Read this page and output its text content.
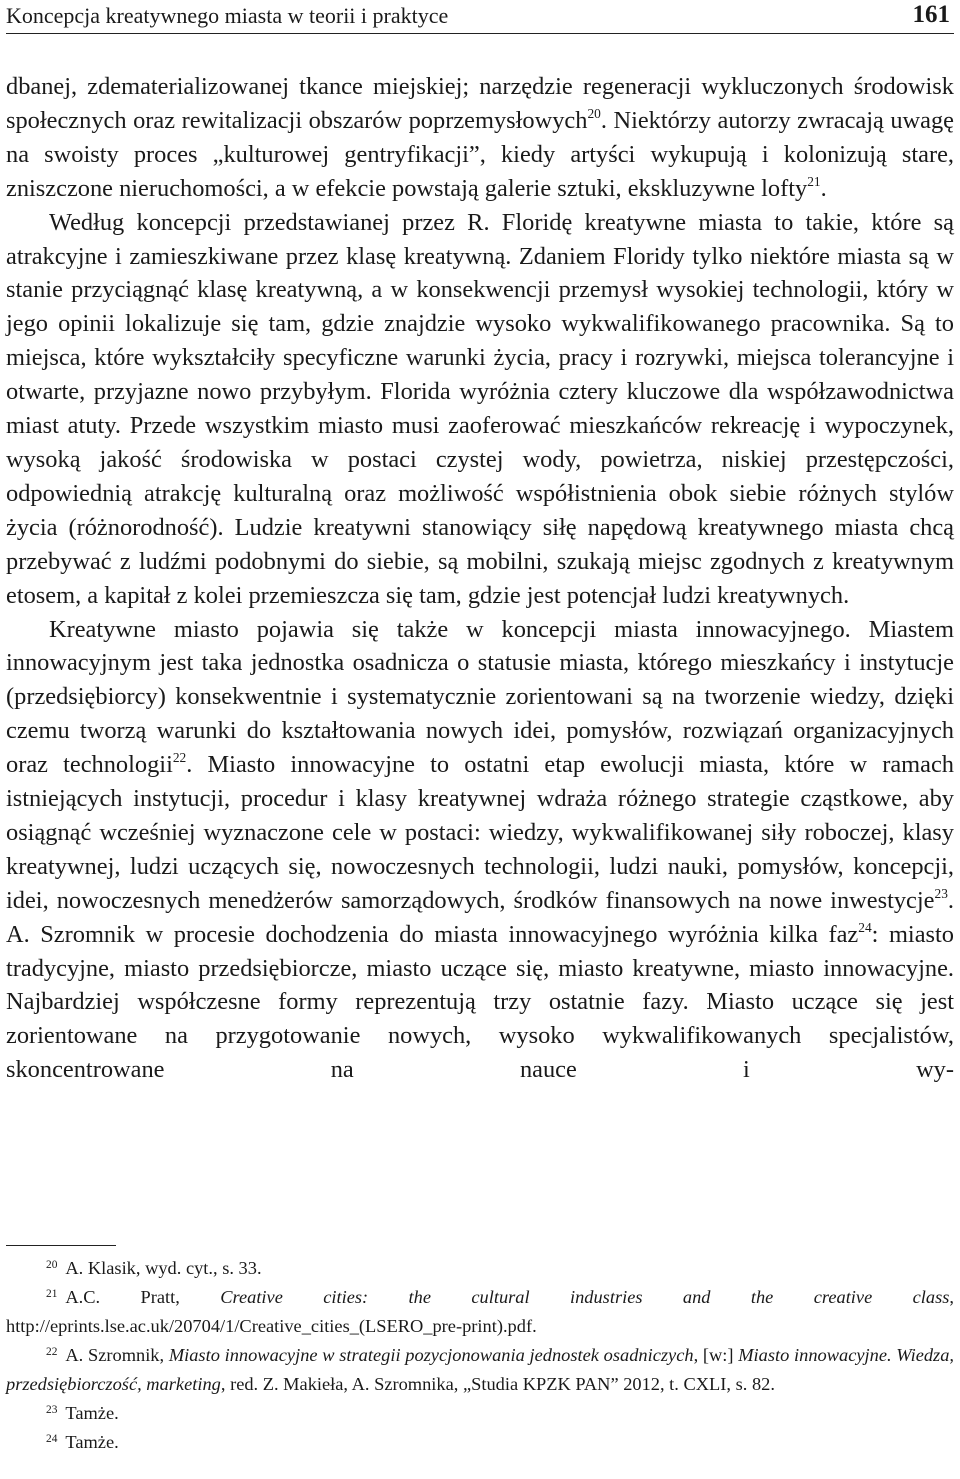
Koncepcja kreatywnego miasta w teorii i praktyce	161

dbanej, zdematerializowanej tkance miejskiej; narzędzie regeneracji wykluczonych środowisk społecznych oraz rewitalizacji obszarów poprzemysłowych$^{20}$. Niektórzy autorzy zwracają uwagę na swoisty proces „kulturowej gentryfikacji”, kiedy artyści wykupują i kolonizują stare, zniszczone nieruchomości, a w efekcie powstają galerie sztuki, ekskluzywne lofty$^{21}$.

Według koncepcji przedstawianej przez R. Floridę kreatywne miasta to takie, które są atrakcyjne i zamieszkiwane przez klasę kreatywną. Zdaniem Floridy tylko niektóre miasta są w stanie przyciągnąć klasę kreatywną, a w konsekwencji przemysł wysokiej technologii, który w jego opinii lokalizuje się tam, gdzie znajdzie wysoko wykwalifikowanego pracownika. Są to miejsca, które wykształciły specyficzne warunki życia, pracy i rozrywki, miejsca tolerancyjne i otwarte, przyjazne nowo przybyłym. Florida wyróżnia cztery kluczowe dla współzawodnictwa miast atuty. Przede wszystkim miasto musi zaoferować mieszkańców rekreację i wypoczynek, wysoką jakość środowiska w postaci czystej wody, powietrza, niskiej przestępczości, odpowiednią atrakcję kulturalną oraz możliwość współistnienia obok siebie różnych stylów życia (różnorodność). Ludzie kreatywni stanowiący siłę napędową kreatywnego miasta chcą przebywać z ludźmi podobnymi do siebie, są mobilni, szukają miejsc zgodnych z kreatywnym etosem, a kapitał z kolei przemieszcza się tam, gdzie jest potencjał ludzi kreatywnych.

Kreatywne miasto pojawia się także w koncepcji miasta innowacyjnego. Miastem innowacyjnym jest taka jednostka osadnicza o statusie miasta, którego mieszkańcy i instytucje (przedsiębiorcy) konsekwentnie i systematycznie zorientowani są na tworzenie wiedzy, dzięki czemu tworzą warunki do kształtowania nowych idei, pomysłów, rozwiązań organizacyjnych oraz technologii$^{22}$. Miasto innowacyjne to ostatni etap ewolucji miasta, które w ramach istniejących instytucji, procedur i klasy kreatywnej wdraża różnego strategie cząstkowe, aby osiągnąć wcześniej wyznaczone cele w postaci: wiedzy, wykwalifikowanej siły roboczej, klasy kreatywnej, ludzi uczących się, nowoczesnych technologii, ludzi nauki, pomysłów, koncepcji, idei, nowoczesnych menedżerów samorządowych, środków finansowych na nowe inwestycje$^{23}$. A. Szromnik w procesie dochodzenia do miasta innowacyjnego wyróżnia kilka faz$^{24}$: miasto tradycyjne, miasto przedsiębiorcze, miasto uczące się, miasto kreatywne, miasto innowacyjne. Najbardziej współczesne formy reprezentują trzy ostatnie fazy. Miasto uczące się jest zorientowane na przygotowanie nowych, wysoko wykwalifikowanych specjalistów, skoncentrowane na nauce i wy-

$^{20}$ A. Klasik, wyd. cyt., s. 33.

$^{21}$ A.C. Pratt, Creative cities: the cultural industries and the creative class, http://eprints.lse.ac.uk/20704/1/Creative_cities_(LSERO_pre-print).pdf.

$^{22}$ A. Szromnik, Miasto innowacyjne w strategii pozycjonowania jednostek osadniczych, [w:] Miasto innowacyjne. Wiedza, przedsiębiorczość, marketing, red. Z. Makieła, A. Szromnika, „Studia KPZK PAN” 2012, t. CXLI, s. 82.

$^{23}$ Tamże.

$^{24}$ Tamże.
